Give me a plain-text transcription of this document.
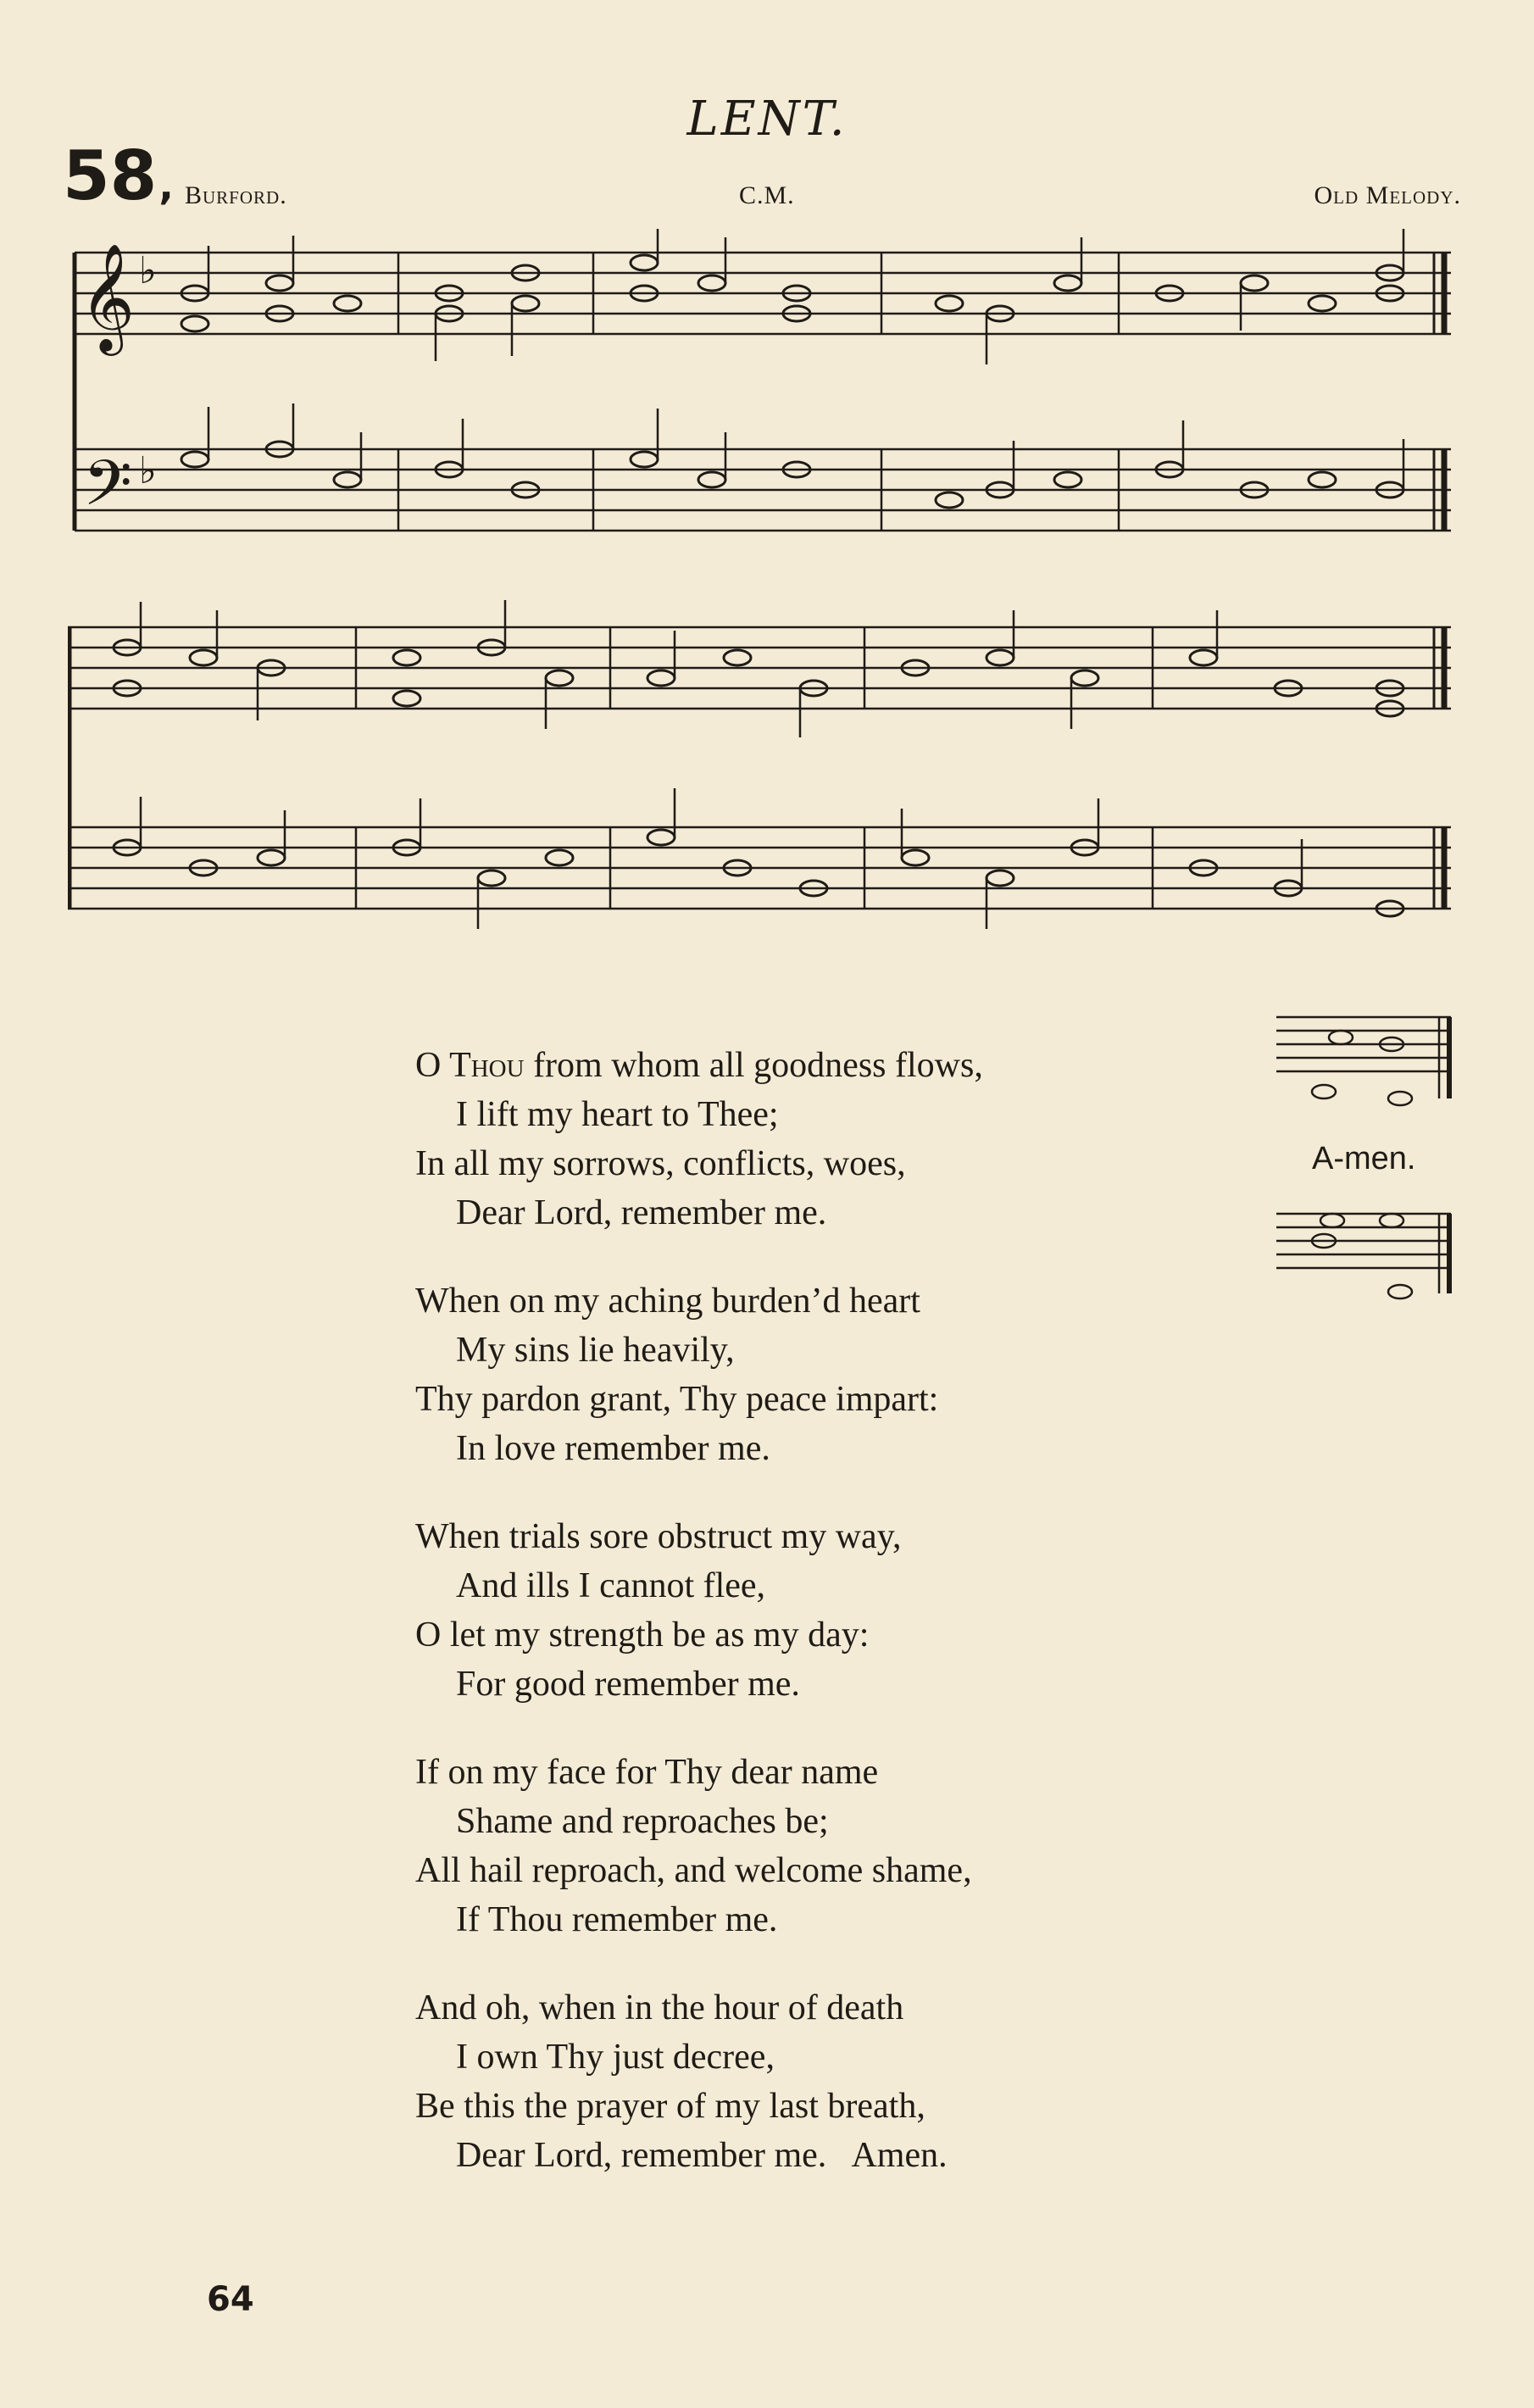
LENT.
58, Burford.	C.M.	Old Melody.
𝄞
𝄢
♭
♭
A-men.
O Thou from whom all goodness flows,
I lift my heart to Thee;
In all my sorrows, conflicts, woes,
Dear Lord, remember me.
When on my aching burden’d heart
My sins lie heavily,
Thy pardon grant, Thy peace impart:
In love remember me.
When trials sore obstruct my way,
And ills I cannot flee,
O let my strength be as my day:
For good remember me.
If on my face for Thy dear name
Shame and reproaches be;
All hail reproach, and welcome shame,
If Thou remember me.
And oh, when in the hour of death
I own Thy just decree,
Be this the prayer of my last breath,
Dear Lord, remember me.   Amen.
64
